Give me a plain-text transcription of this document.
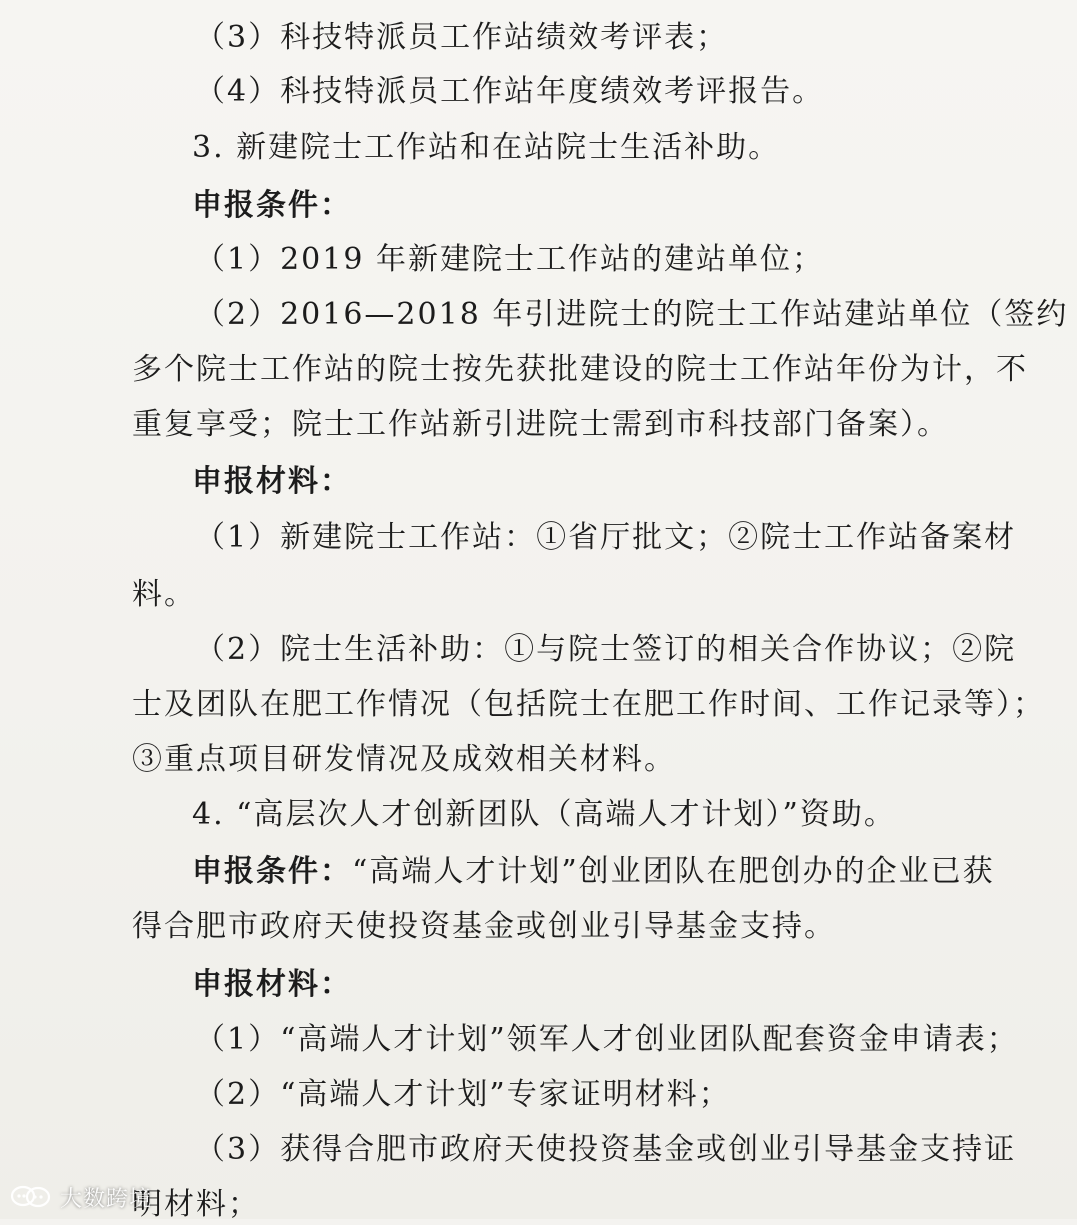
（3）科技特派员工作站绩效考评表；
（4）科技特派员工作站年度绩效考评报告。
3. 新建院士工作站和在站院士生活补助。
申报条件：
（1）2019 年新建院士工作站的建站单位；
（2）2016—2018 年引进院士的院士工作站建站单位（签约
多个院士工作站的院士按先获批建设的院士工作站年份为计，不
重复享受；院士工作站新引进院士需到市科技部门备案）。
申报材料：
（1）新建院士工作站：①省厅批文；②院士工作站备案材
料。
（2）院士生活补助：①与院士签订的相关合作协议；②院
士及团队在肥工作情况（包括院士在肥工作时间、工作记录等）；
③重点项目研发情况及成效相关材料。
4. “高层次人才创新团队（高端人才计划）”资助。
申报条件：“高端人才计划”创业团队在肥创办的企业已获
得合肥市政府天使投资基金或创业引导基金支持。
申报材料：
（1）“高端人才计划”领军人才创业团队配套资金申请表；
（2）“高端人才计划”专家证明材料；
（3）获得合肥市政府天使投资基金或创业引导基金支持证
明材料；
大数跨境
